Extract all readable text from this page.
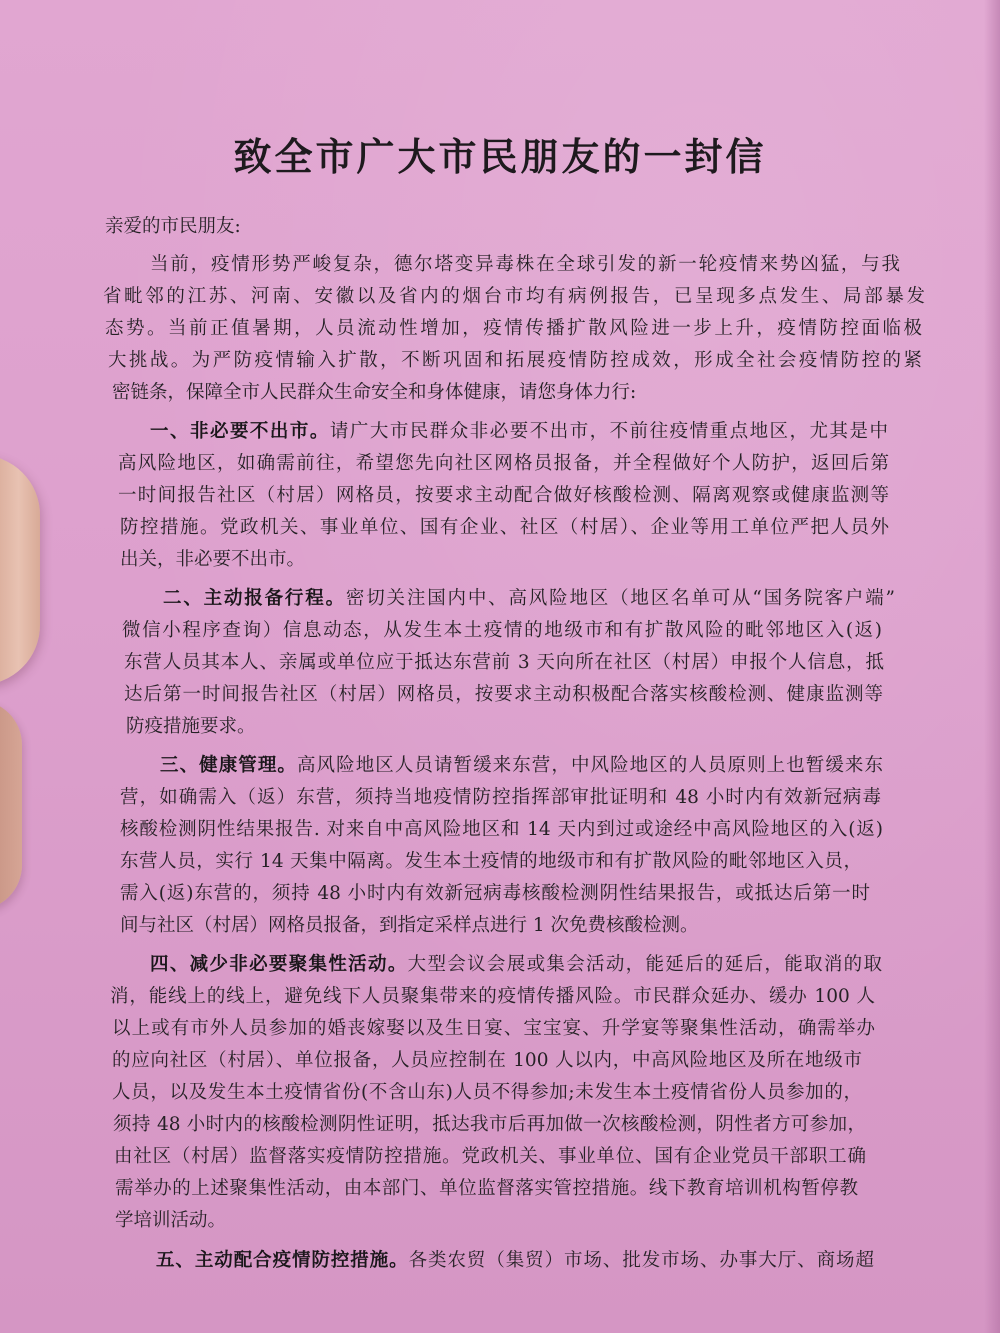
致全市广大市民朋友的一封信
亲爱的市民朋友:
当前，疫情形势严峻复杂，德尔塔变异毒株在全球引发的新一轮疫情来势凶猛，与我
省毗邻的江苏、河南、安徽以及省内的烟台市均有病例报告，已呈现多点发生、局部暴发
态势。当前正值暑期，人员流动性增加，疫情传播扩散风险进一步上升，疫情防控面临极
大挑战。为严防疫情输入扩散，不断巩固和拓展疫情防控成效，形成全社会疫情防控的紧
密链条，保障全市人民群众生命安全和身体健康，请您身体力行:
一、非必要不出市。请广大市民群众非必要不出市，不前往疫情重点地区，尤其是中
高风险地区，如确需前往，希望您先向社区网格员报备，并全程做好个人防护，返回后第
一时间报告社区（村居）网格员，按要求主动配合做好核酸检测、隔离观察或健康监测等
防控措施。党政机关、事业单位、国有企业、社区（村居）、企业等用工单位严把人员外
出关，非必要不出市。
二、主动报备行程。密切关注国内中、高风险地区（地区名单可从“国务院客户端”
微信小程序查询）信息动态，从发生本土疫情的地级市和有扩散风险的毗邻地区入(返)
东营人员其本人、亲属或单位应于抵达东营前 3 天向所在社区（村居）申报个人信息，抵
达后第一时间报告社区（村居）网格员，按要求主动积极配合落实核酸检测、健康监测等
防疫措施要求。
三、健康管理。高风险地区人员请暂缓来东营，中风险地区的人员原则上也暂缓来东
营，如确需入（返）东营，须持当地疫情防控指挥部审批证明和 48 小时内有效新冠病毒
核酸检测阴性结果报告. 对来自中高风险地区和 14 天内到过或途经中高风险地区的入(返)
东营人员，实行 14 天集中隔离。发生本土疫情的地级市和有扩散风险的毗邻地区入员，
需入(返)东营的，须持 48 小时内有效新冠病毒核酸检测阴性结果报告，或抵达后第一时
间与社区（村居）网格员报备，到指定采样点进行 1 次免费核酸检测。
四、减少非必要聚集性活动。大型会议会展或集会活动，能延后的延后，能取消的取
消，能线上的线上，避免线下人员聚集带来的疫情传播风险。市民群众延办、缓办 100 人
以上或有市外人员参加的婚丧嫁娶以及生日宴、宝宝宴、升学宴等聚集性活动，确需举办
的应向社区（村居）、单位报备，人员应控制在 100 人以内，中高风险地区及所在地级市
人员，以及发生本土疫情省份(不含山东)人员不得参加;未发生本土疫情省份人员参加的，
须持 48 小时内的核酸检测阴性证明，抵达我市后再加做一次核酸检测，阴性者方可参加，
由社区（村居）监督落实疫情防控措施。党政机关、事业单位、国有企业党员干部职工确
需举办的上述聚集性活动，由本部门、单位监督落实管控措施。线下教育培训机构暂停教
学培训活动。
五、主动配合疫情防控措施。各类农贸（集贸）市场、批发市场、办事大厅、商场超
